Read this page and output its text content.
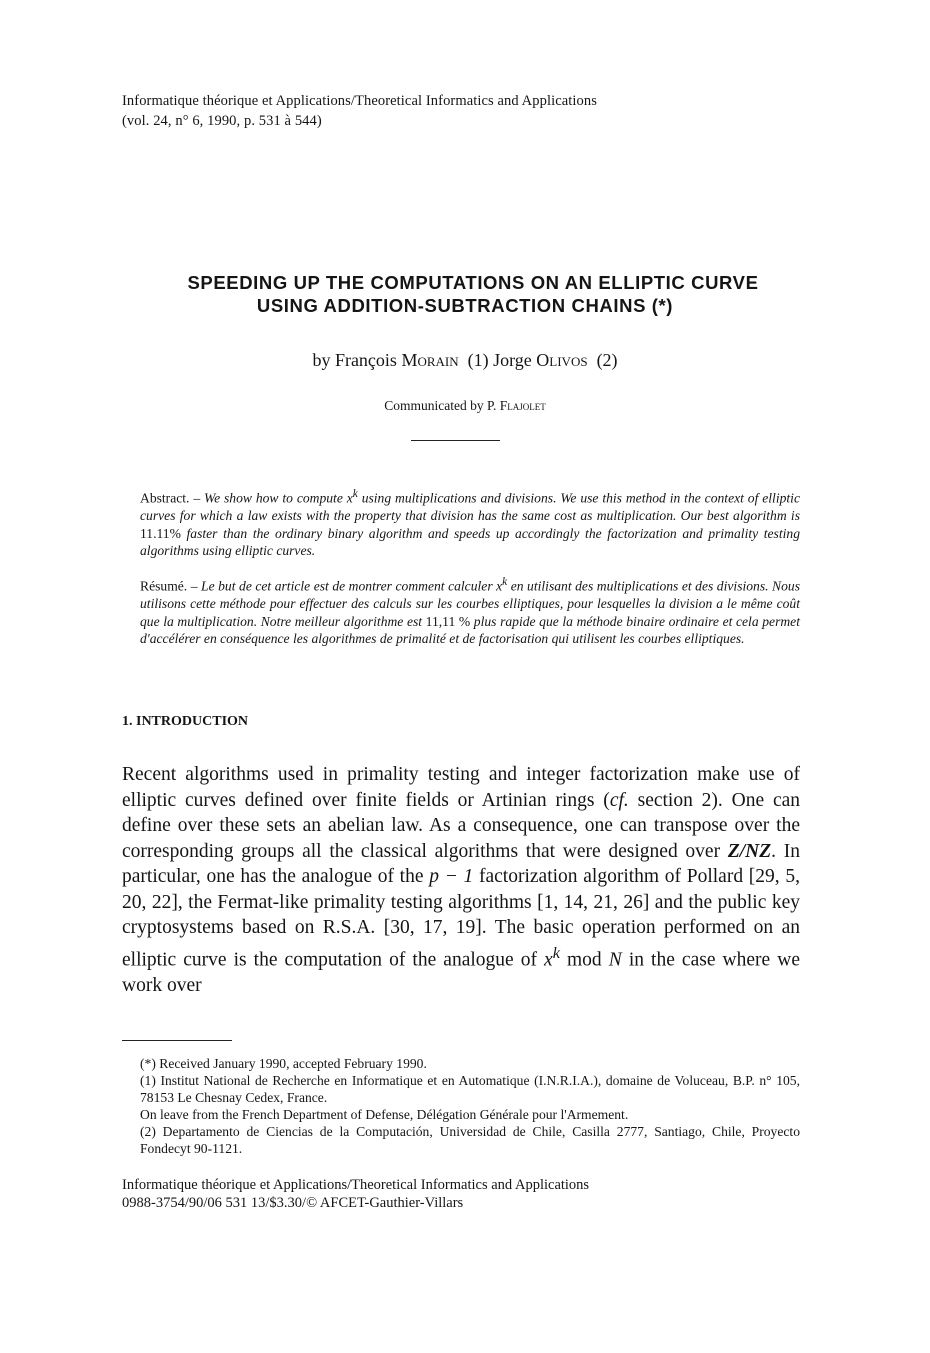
Informatique théorique et Applications/Theoretical Informatics and Applications
(vol. 24, n° 6, 1990, p. 531 à 544)
SPEEDING UP THE COMPUTATIONS ON AN ELLIPTIC CURVE
USING ADDITION-SUBTRACTION CHAINS (*)
by François Morain (1) Jorge Olivos (2)
Communicated by P. Flajolet

Abstract. – We show how to compute $x^k$ using multiplications and divisions. We use this method in the context of elliptic curves for which a law exists with the property that division has the same cost as multiplication. Our best algorithm is 11.11% faster than the ordinary binary algorithm and speeds up accordingly the factorization and primality testing algorithms using elliptic curves.

Résumé. – Le but de cet article est de montrer comment calculer $x^k$ en utilisant des multiplications et des divisions. Nous utilisons cette méthode pour effectuer des calculs sur les courbes elliptiques, pour lesquelles la division a le même coût que la multiplication. Notre meilleur algorithme est 11,11 % plus rapide que la méthode binaire ordinaire et cela permet d'accélérer en conséquence les algorithmes de primalité et de factorisation qui utilisent les courbes elliptiques.

1. INTRODUCTION

Recent algorithms used in primality testing and integer factorization make use of elliptic curves defined over finite fields or Artinian rings (cf. section 2). One can define over these sets an abelian law. As a consequence, one can transpose over the corresponding groups all the classical algorithms that were designed over Z/NZ. In particular, one has the analogue of the p − 1 factorization algorithm of Pollard [29, 5, 20, 22], the Fermat-like primality testing algorithms [1, 14, 21, 26] and the public key cryptosystems based on R.S.A. [30, 17, 19]. The basic operation performed on an elliptic curve is the computation of the analogue of $x^k$ mod N in the case where we work over

(*) Received January 1990, accepted February 1990.

(1) Institut National de Recherche en Informatique et en Automatique (I.N.R.I.A.), domaine de Voluceau, B.P. n° 105, 78153 Le Chesnay Cedex, France.

On leave from the French Department of Defense, Délégation Générale pour l'Armement.

(2) Departamento de Ciencias de la Computación, Universidad de Chile, Casilla 2777, Santiago, Chile, Proyecto Fondecyt 90-1121.

Informatique théorique et Applications/Theoretical Informatics and Applications
0988-3754/90/06 531 13/$3.30/© AFCET-Gauthier-Villars
